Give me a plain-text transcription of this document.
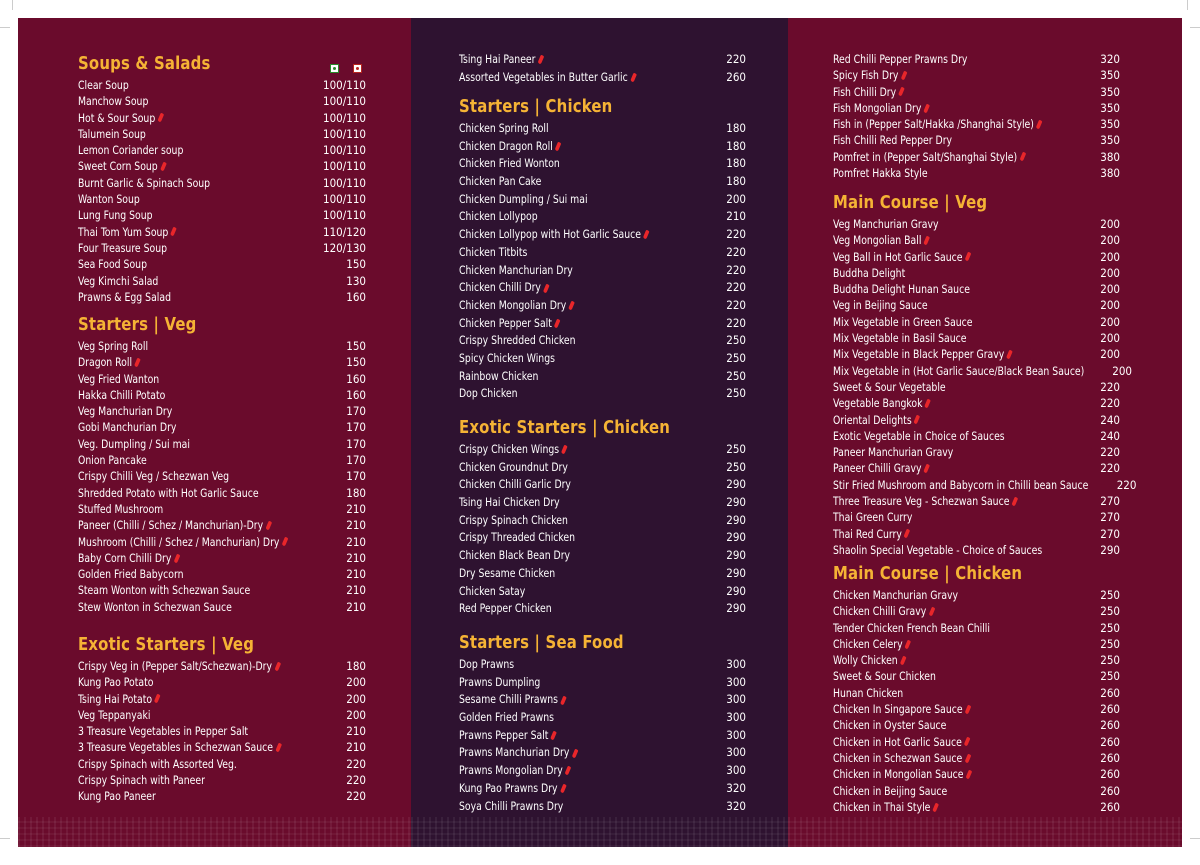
Soups & Salads
Clear Soup	100/110
Manchow Soup	100/110
Hot & Sour Soup	100/110
Talumein Soup	100/110
Lemon Coriander soup	100/110
Sweet Corn Soup	100/110
Burnt Garlic & Spinach Soup	100/110
Wanton Soup	100/110
Lung Fung Soup	100/110
Thai Tom Yum Soup	110/120
Four Treasure Soup	120/130
Sea Food Soup	150
Veg Kimchi Salad	130
Prawns & Egg Salad	160
Starters | Veg
Veg Spring Roll	150
Dragon Roll	150
Veg Fried Wanton	160
Hakka Chilli Potato	160
Veg Manchurian Dry	170
Gobi Manchurian Dry	170
Veg. Dumpling / Sui mai	170
Onion Pancake	170
Crispy Chilli Veg / Schezwan Veg	170
Shredded Potato with Hot Garlic Sauce	180
Stuffed Mushroom	210
Paneer (Chilli / Schez / Manchurian)-Dry	210
Mushroom (Chilli / Schez / Manchurian) Dry	210
Baby Corn Chilli Dry	210
Golden Fried Babycorn	210
Steam Wonton with Schezwan Sauce	210
Stew Wonton in Schezwan Sauce	210
Exotic Starters | Veg
Crispy Veg in (Pepper Salt/Schezwan)-Dry	180
Kung Pao Potato	200
Tsing Hai Potato	200
Veg Teppanyaki	200
3 Treasure Vegetables in Pepper Salt	210
3 Treasure Vegetables in Schezwan Sauce	210
Crispy Spinach with Assorted Veg.	220
Crispy Spinach with Paneer	220
Kung Pao Paneer	220
Tsing Hai Paneer	220
Assorted Vegetables in Butter Garlic	260
Starters | Chicken
Chicken Spring Roll	180
Chicken Dragon Roll	180
Chicken Fried Wonton	180
Chicken Pan Cake	180
Chicken Dumpling / Sui mai	200
Chicken Lollypop	210
Chicken Lollypop with Hot Garlic Sauce	220
Chicken Titbits	220
Chicken Manchurian Dry	220
Chicken Chilli Dry	220
Chicken Mongolian Dry	220
Chicken Pepper Salt	220
Crispy Shredded Chicken	250
Spicy Chicken Wings	250
Rainbow Chicken	250
Dop Chicken	250
Exotic Starters | Chicken
Crispy Chicken Wings	250
Chicken Groundnut Dry	250
Chicken Chilli Garlic Dry	290
Tsing Hai Chicken Dry	290
Crispy Spinach Chicken	290
Crispy Threaded Chicken	290
Chicken Black Bean Dry	290
Dry Sesame Chicken	290
Chicken Satay	290
Red Pepper Chicken	290
Starters | Sea Food
Dop Prawns	300
Prawns Dumpling	300
Sesame Chilli Prawns	300
Golden Fried Prawns	300
Prawns Pepper Salt	300
Prawns Manchurian Dry	300
Prawns Mongolian Dry	300
Kung Pao Prawns Dry	320
Soya Chilli Prawns Dry	320
Red Chilli Pepper Prawns Dry	320
Spicy Fish Dry	350
Fish Chilli Dry	350
Fish Mongolian Dry	350
Fish in (Pepper Salt/Hakka /Shanghai Style)	350
Fish Chilli Red Pepper Dry	350
Pomfret in (Pepper Salt/Shanghai Style)	380
Pomfret Hakka Style	380
Main Course | Veg
Veg Manchurian Gravy	200
Veg Mongolian Ball	200
Veg Ball in Hot Garlic Sauce	200
Buddha Delight	200
Buddha Delight Hunan Sauce	200
Veg in Beijing Sauce	200
Mix Vegetable in Green Sauce	200
Mix Vegetable in Basil Sauce	200
Mix Vegetable in Black Pepper Gravy	200
Mix Vegetable in (Hot Garlic Sauce/Black Bean Sauce) 200
Sweet & Sour Vegetable	220
Vegetable Bangkok	220
Oriental Delights	240
Exotic Vegetable in Choice of Sauces	240
Paneer Manchurian Gravy	220
Paneer Chilli Gravy	220
Stir Fried Mushroom and Babycorn in Chilli bean Sauce 220
Three Treasure Veg - Schezwan Sauce	270
Thai Green Curry	270
Thai Red Curry	270
Shaolin Special Vegetable - Choice of Sauces	290
Main Course | Chicken
Chicken Manchurian Gravy	250
Chicken Chilli Gravy	250
Tender Chicken French Bean Chilli	250
Chicken Celery	250
Wolly Chicken	250
Sweet & Sour Chicken	250
Hunan Chicken	260
Chicken In Singapore Sauce	260
Chicken in Oyster Sauce	260
Chicken in Hot Garlic Sauce	260
Chicken in Schezwan Sauce	260
Chicken in Mongolian Sauce	260
Chicken in Beijing Sauce	260
Chicken in Thai Style	260
